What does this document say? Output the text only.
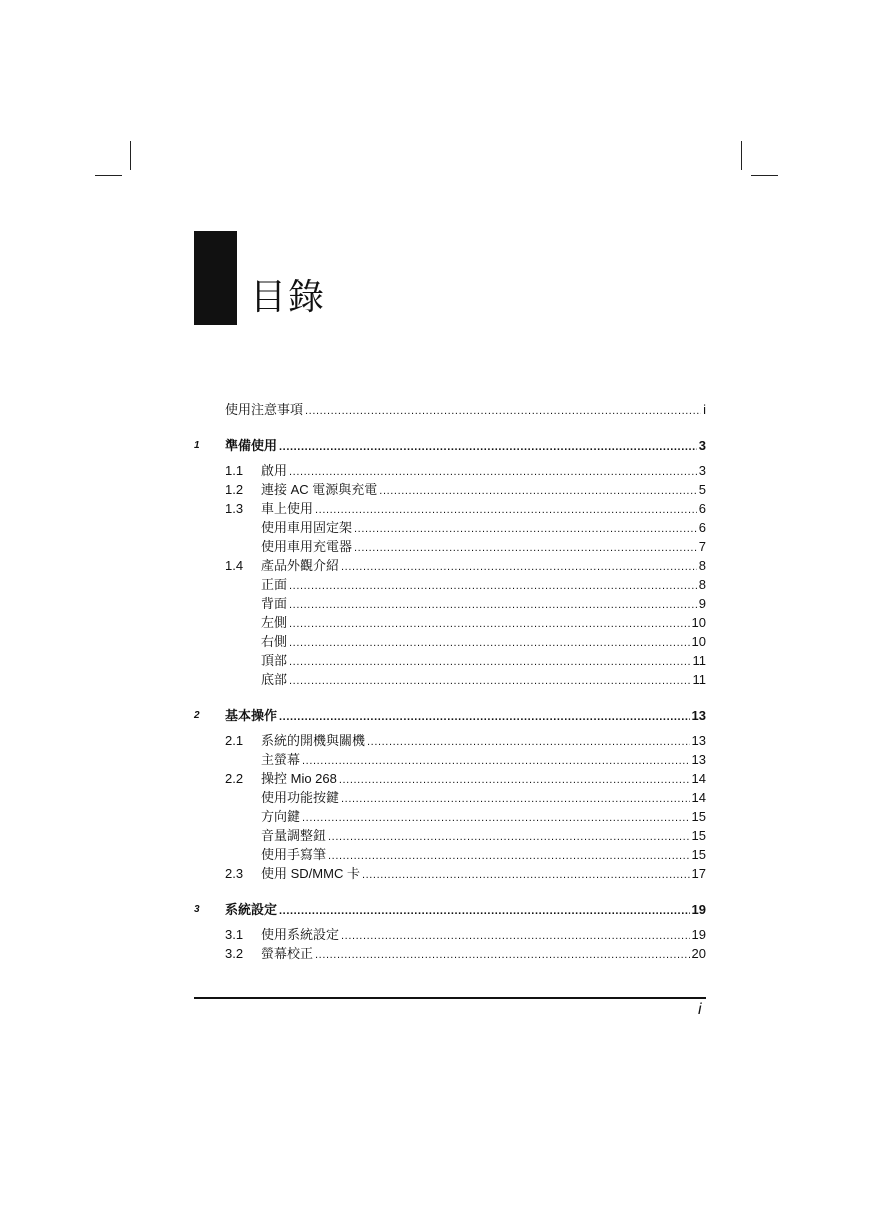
目錄
使用注意事項 .....	i
1 準備使用 .....	3
1.1 啟用 .....	3
1.2 連接 AC 電源與充電 .....	5
1.3 車上使用 .....	6
使用車用固定架 .....	6
使用車用充電器 .....	7
1.4 產品外觀介紹 .....	8
正面 .....	8
背面 .....	9
左側 .....	10
右側 .....	10
頂部 .....	11
底部 .....	11
2 基本操作 .....	13
2.1 系統的開機與關機 .....	13
主螢幕 .....	13
2.2 操控 Mio 268 .....	14
使用功能按鍵 .....	14
方向鍵 .....	15
音量調整鈕 .....	15
使用手寫筆 .....	15
2.3 使用 SD/MMC 卡 .....	17
3 系統設定 .....	19
3.1 使用系統設定 .....	19
3.2 螢幕校正 .....	20
i
